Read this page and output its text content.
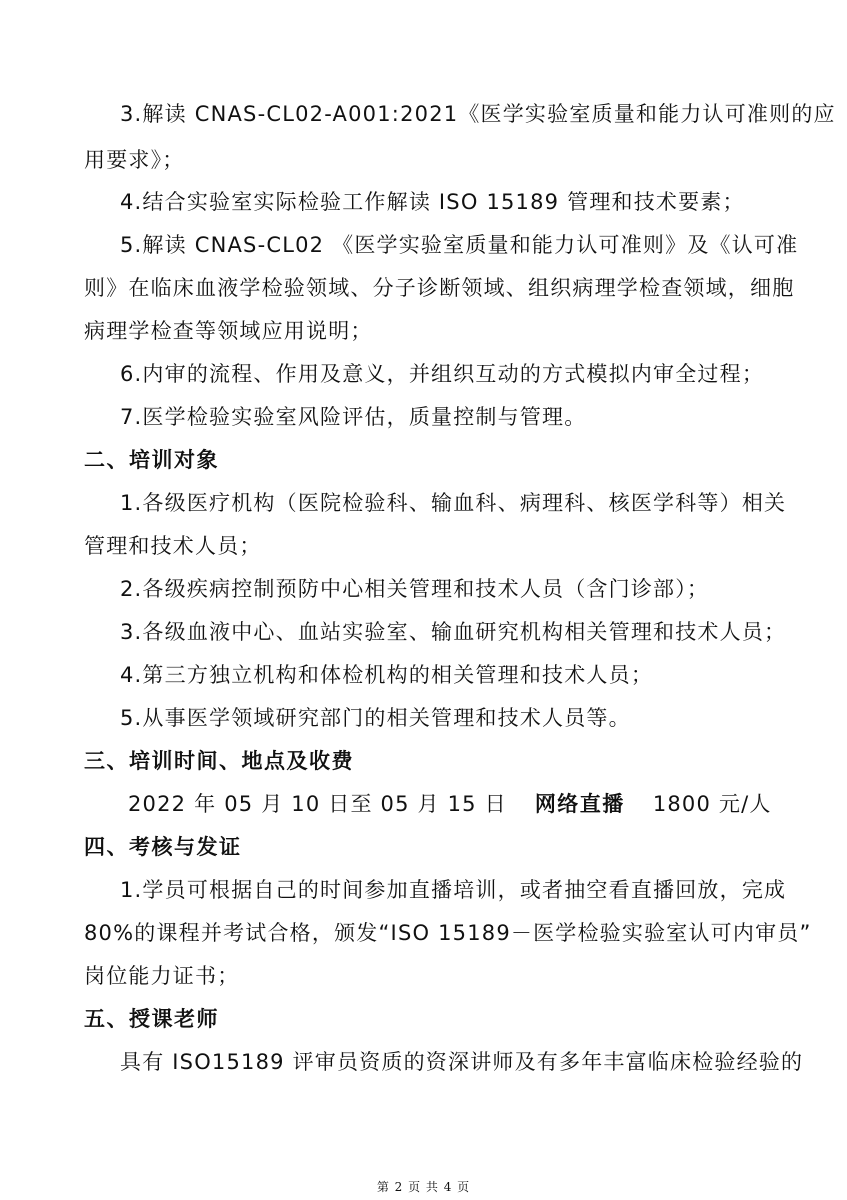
3.解读 CNAS-CL02-A001:2021《医学实验室质量和能力认可准则的应
用要求》；
4.结合实验室实际检验工作解读 ISO 15189 管理和技术要素；
5.解读 CNAS-CL02 《医学实验室质量和能力认可准则》及《认可准
则》在临床血液学检验领域、分子诊断领域、组织病理学检查领域，细胞
病理学检查等领域应用说明；
6.内审的流程、作用及意义，并组织互动的方式模拟内审全过程；
7.医学检验实验室风险评估，质量控制与管理。
二、培训对象
1.各级医疗机构（医院检验科、输血科、病理科、核医学科等）相关
管理和技术人员；
2.各级疾病控制预防中心相关管理和技术人员（含门诊部）；
3.各级血液中心、血站实验室、输血研究机构相关管理和技术人员；
4.第三方独立机构和体检机构的相关管理和技术人员；
5.从事医学领域研究部门的相关管理和技术人员等。
三、培训时间、地点及收费
2022 年 05 月 10 日至 05 月 15 日 网络直播 1800 元/人
四、考核与发证
1.学员可根据自己的时间参加直播培训，或者抽空看直播回放，完成
80%的课程并考试合格，颁发“ISO 15189－医学检验实验室认可内审员”
岗位能力证书；
五、授课老师
具有 ISO15189 评审员资质的资深讲师及有多年丰富临床检验经验的
第 2 页 共 4 页
